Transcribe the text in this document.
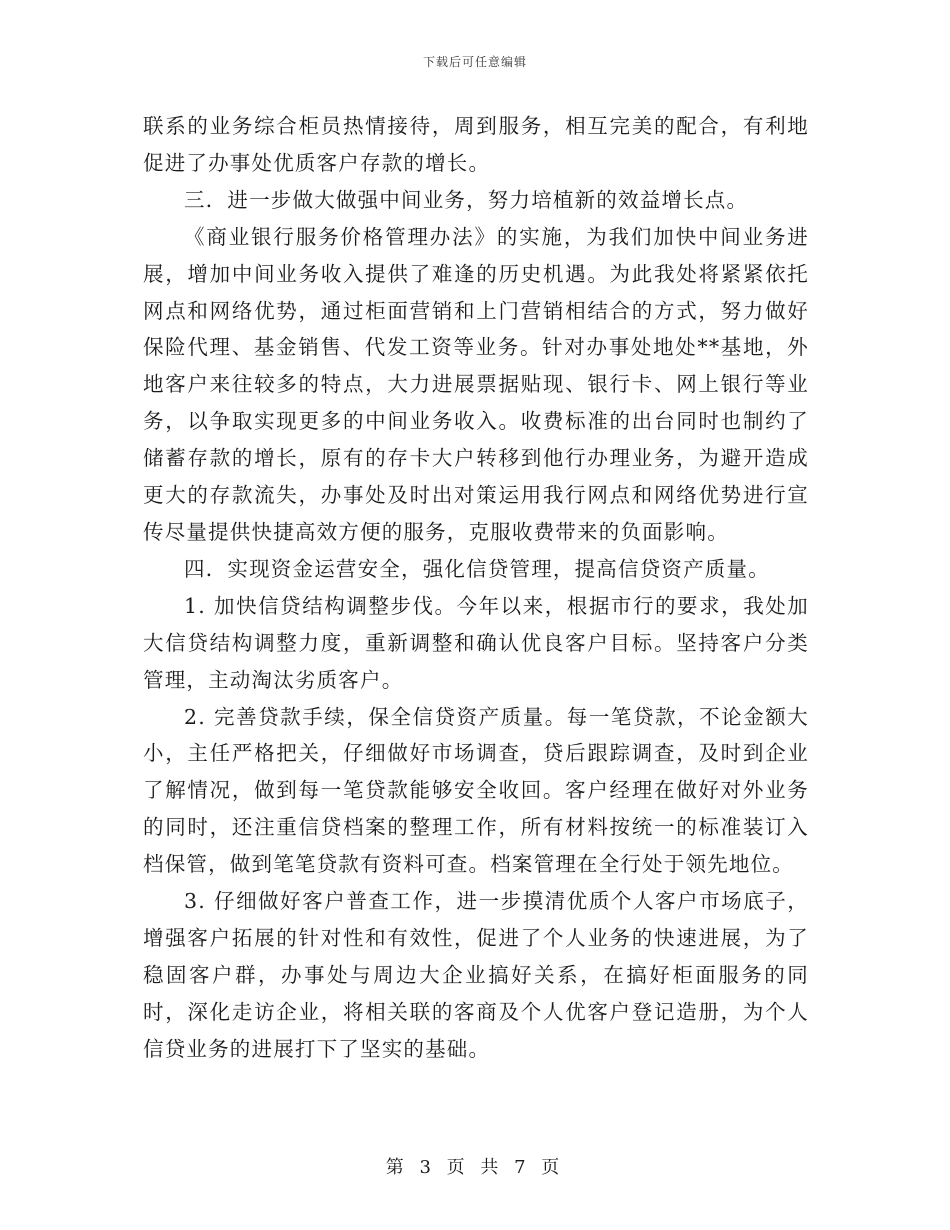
下载后可任意编辑

联系的业务综合柜员热情接待，周到服务，相互完美的配合，有利地促进了办事处优质客户存款的增长。

三．进一步做大做强中间业务，努力培植新的效益增长点。

《商业银行服务价格管理办法》的实施，为我们加快中间业务进展，增加中间业务收入提供了难逢的历史机遇。为此我处将紧紧依托网点和网络优势，通过柜面营销和上门营销相结合的方式，努力做好保险代理、基金销售、代发工资等业务。针对办事处地处**基地，外地客户来往较多的特点，大力进展票据贴现、银行卡、网上银行等业务，以争取实现更多的中间业务收入。收费标准的出台同时也制约了储蓄存款的增长，原有的存卡大户转移到他行办理业务，为避开造成更大的存款流失，办事处及时出对策运用我行网点和网络优势进行宣传尽量提供快捷高效方便的服务，克服收费带来的负面影响。

四．实现资金运营安全，强化信贷管理，提高信贷资产质量。

1. 加快信贷结构调整步伐。今年以来，根据市行的要求，我处加大信贷结构调整力度，重新调整和确认优良客户目标。坚持客户分类管理，主动淘汰劣质客户。

2. 完善贷款手续，保全信贷资产质量。每一笔贷款，不论金额大小，主任严格把关，仔细做好市场调查，贷后跟踪调查，及时到企业了解情况，做到每一笔贷款能够安全收回。客户经理在做好对外业务的同时，还注重信贷档案的整理工作，所有材料按统一的标准装订入档保管，做到笔笔贷款有资料可查。档案管理在全行处于领先地位。

3. 仔细做好客户普查工作，进一步摸清优质个人客户市场底子，增强客户拓展的针对性和有效性，促进了个人业务的快速进展，为了稳固客户群，办事处与周边大企业搞好关系，在搞好柜面服务的同时，深化走访企业，将相关联的客商及个人优客户登记造册，为个人信贷业务的进展打下了坚实的基础。

第 3 页 共 7 页
